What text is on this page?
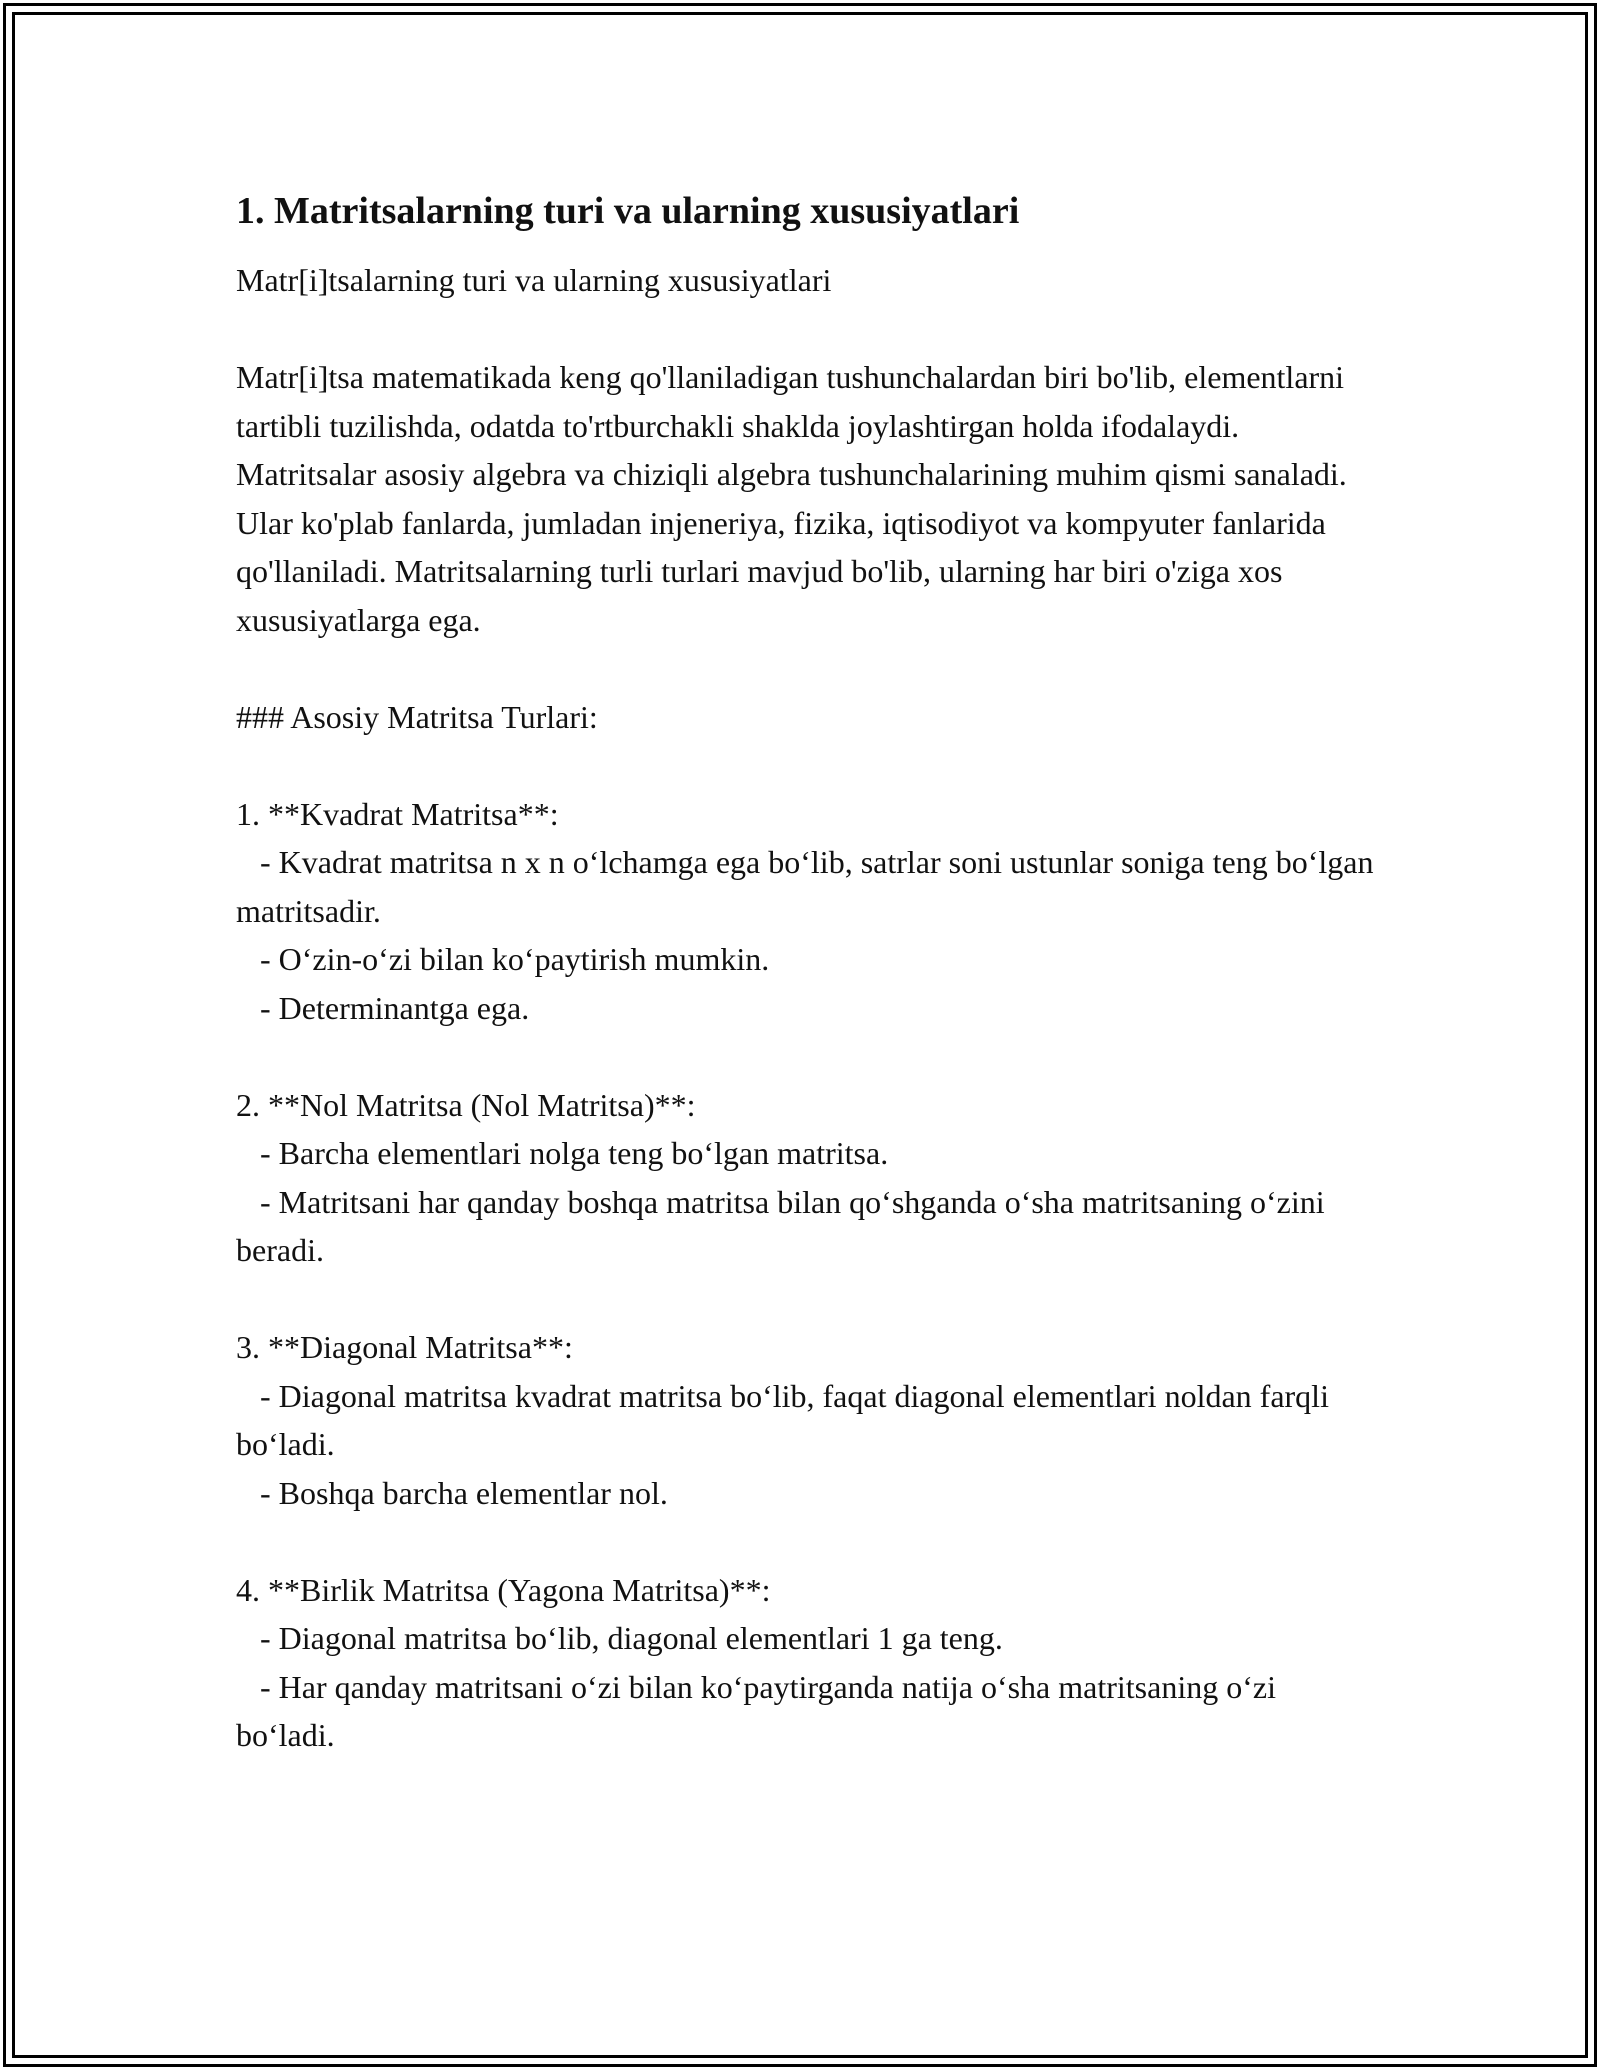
1. Matritsalarning turi va ularning xususiyatlari

Matr[i]tsalarning turi va ularning xususiyatlari

Matr[i]tsa matematikada keng qo'llaniladigan tushunchalardan biri bo'lib, elementlarni tartibli tuzilishda, odatda to'rtburchakli shaklda joylashtirgan holda ifodalaydi. Matritsalar asosiy algebra va chiziqli algebra tushunchalarining muhim qismi sanaladi. Ular ko'plab fanlarda, jumladan injeneriya, fizika, iqtisodiyot va kompyuter fanlarida qo'llaniladi. Matritsalarning turli turlari mavjud bo'lib, ularning har biri o'ziga xos xususiyatlarga ega.

### Asosiy Matritsa Turlari:

1. **Kvadrat Matritsa**:

- Kvadrat matritsa n x n oʻlchamga ega boʻlib, satrlar soni ustunlar soniga teng boʻlgan matritsadir.

- Oʻzin-oʻzi bilan koʻpaytirish mumkin.

- Determinantga ega.

2. **Nol Matritsa (Nol Matritsa)**:

- Barcha elementlari nolga teng boʻlgan matritsa.

- Matritsani har qanday boshqa matritsa bilan qoʻshganda oʻsha matritsaning oʻzini beradi.

3. **Diagonal Matritsa**:

- Diagonal matritsa kvadrat matritsa boʻlib, faqat diagonal elementlari noldan farqli boʻladi.

- Boshqa barcha elementlar nol.

4. **Birlik Matritsa (Yagona Matritsa)**:

- Diagonal matritsa boʻlib, diagonal elementlari 1 ga teng.

- Har qanday matritsani oʻzi bilan koʻpaytirganda natija oʻsha matritsaning oʻzi boʻladi.
